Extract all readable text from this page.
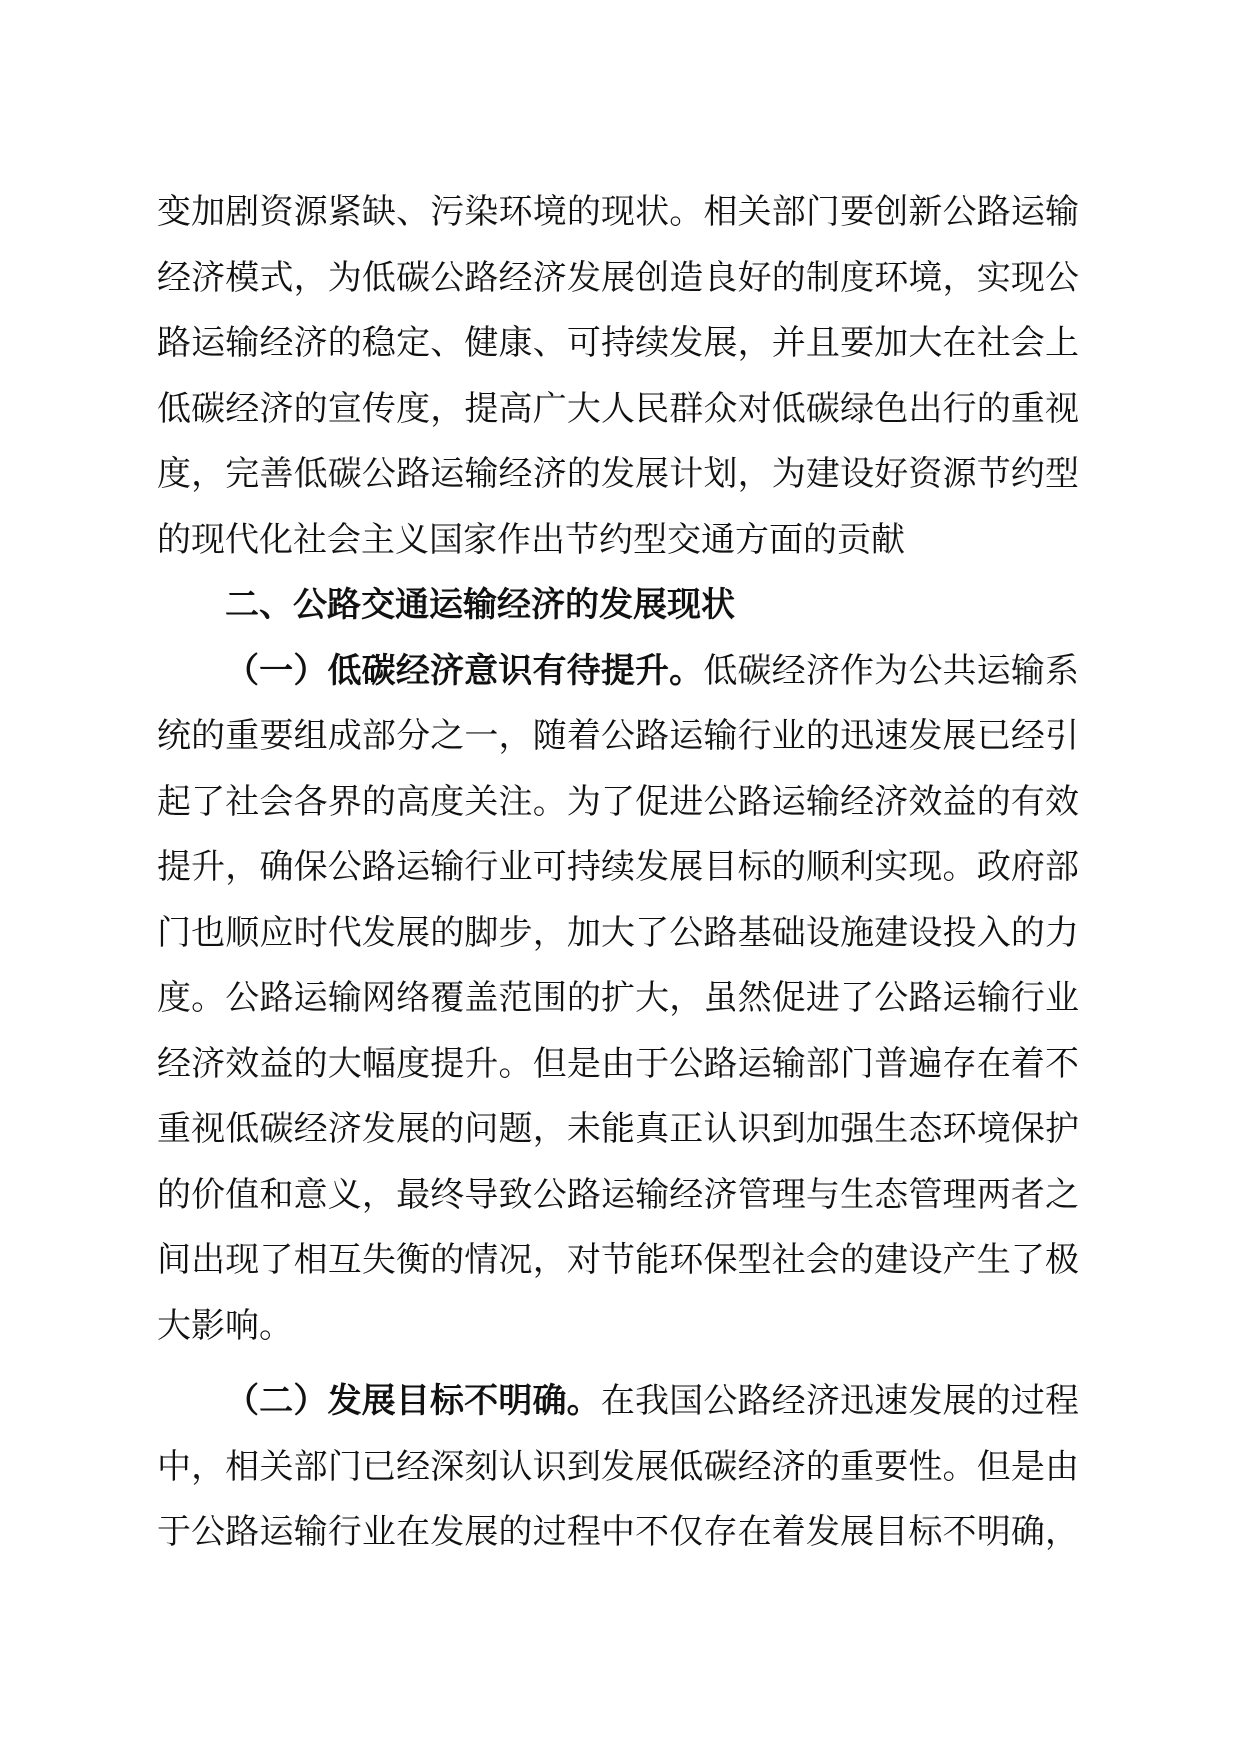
变加剧资源紧缺、污染环境的现状。相关部门要创新公路运输
经济模式，为低碳公路经济发展创造良好的制度环境，实现公
路运输经济的稳定、健康、可持续发展，并且要加大在社会上
低碳经济的宣传度，提高广大人民群众对低碳绿色出行的重视
度，完善低碳公路运输经济的发展计划，为建设好资源节约型
的现代化社会主义国家作出节约型交通方面的贡献
二、公路交通运输经济的发展现状
（一）低碳经济意识有待提升。低碳经济作为公共运输系
统的重要组成部分之一，随着公路运输行业的迅速发展已经引
起了社会各界的高度关注。为了促进公路运输经济效益的有效
提升，确保公路运输行业可持续发展目标的顺利实现。政府部
门也顺应时代发展的脚步，加大了公路基础设施建设投入的力
度。公路运输网络覆盖范围的扩大，虽然促进了公路运输行业
经济效益的大幅度提升。但是由于公路运输部门普遍存在着不
重视低碳经济发展的问题，未能真正认识到加强生态环境保护
的价值和意义，最终导致公路运输经济管理与生态管理两者之
间出现了相互失衡的情况，对节能环保型社会的建设产生了极
大影响。
（二）发展目标不明确。在我国公路经济迅速发展的过程
中，相关部门已经深刻认识到发展低碳经济的重要性。但是由
于公路运输行业在发展的过程中不仅存在着发展目标不明确，
